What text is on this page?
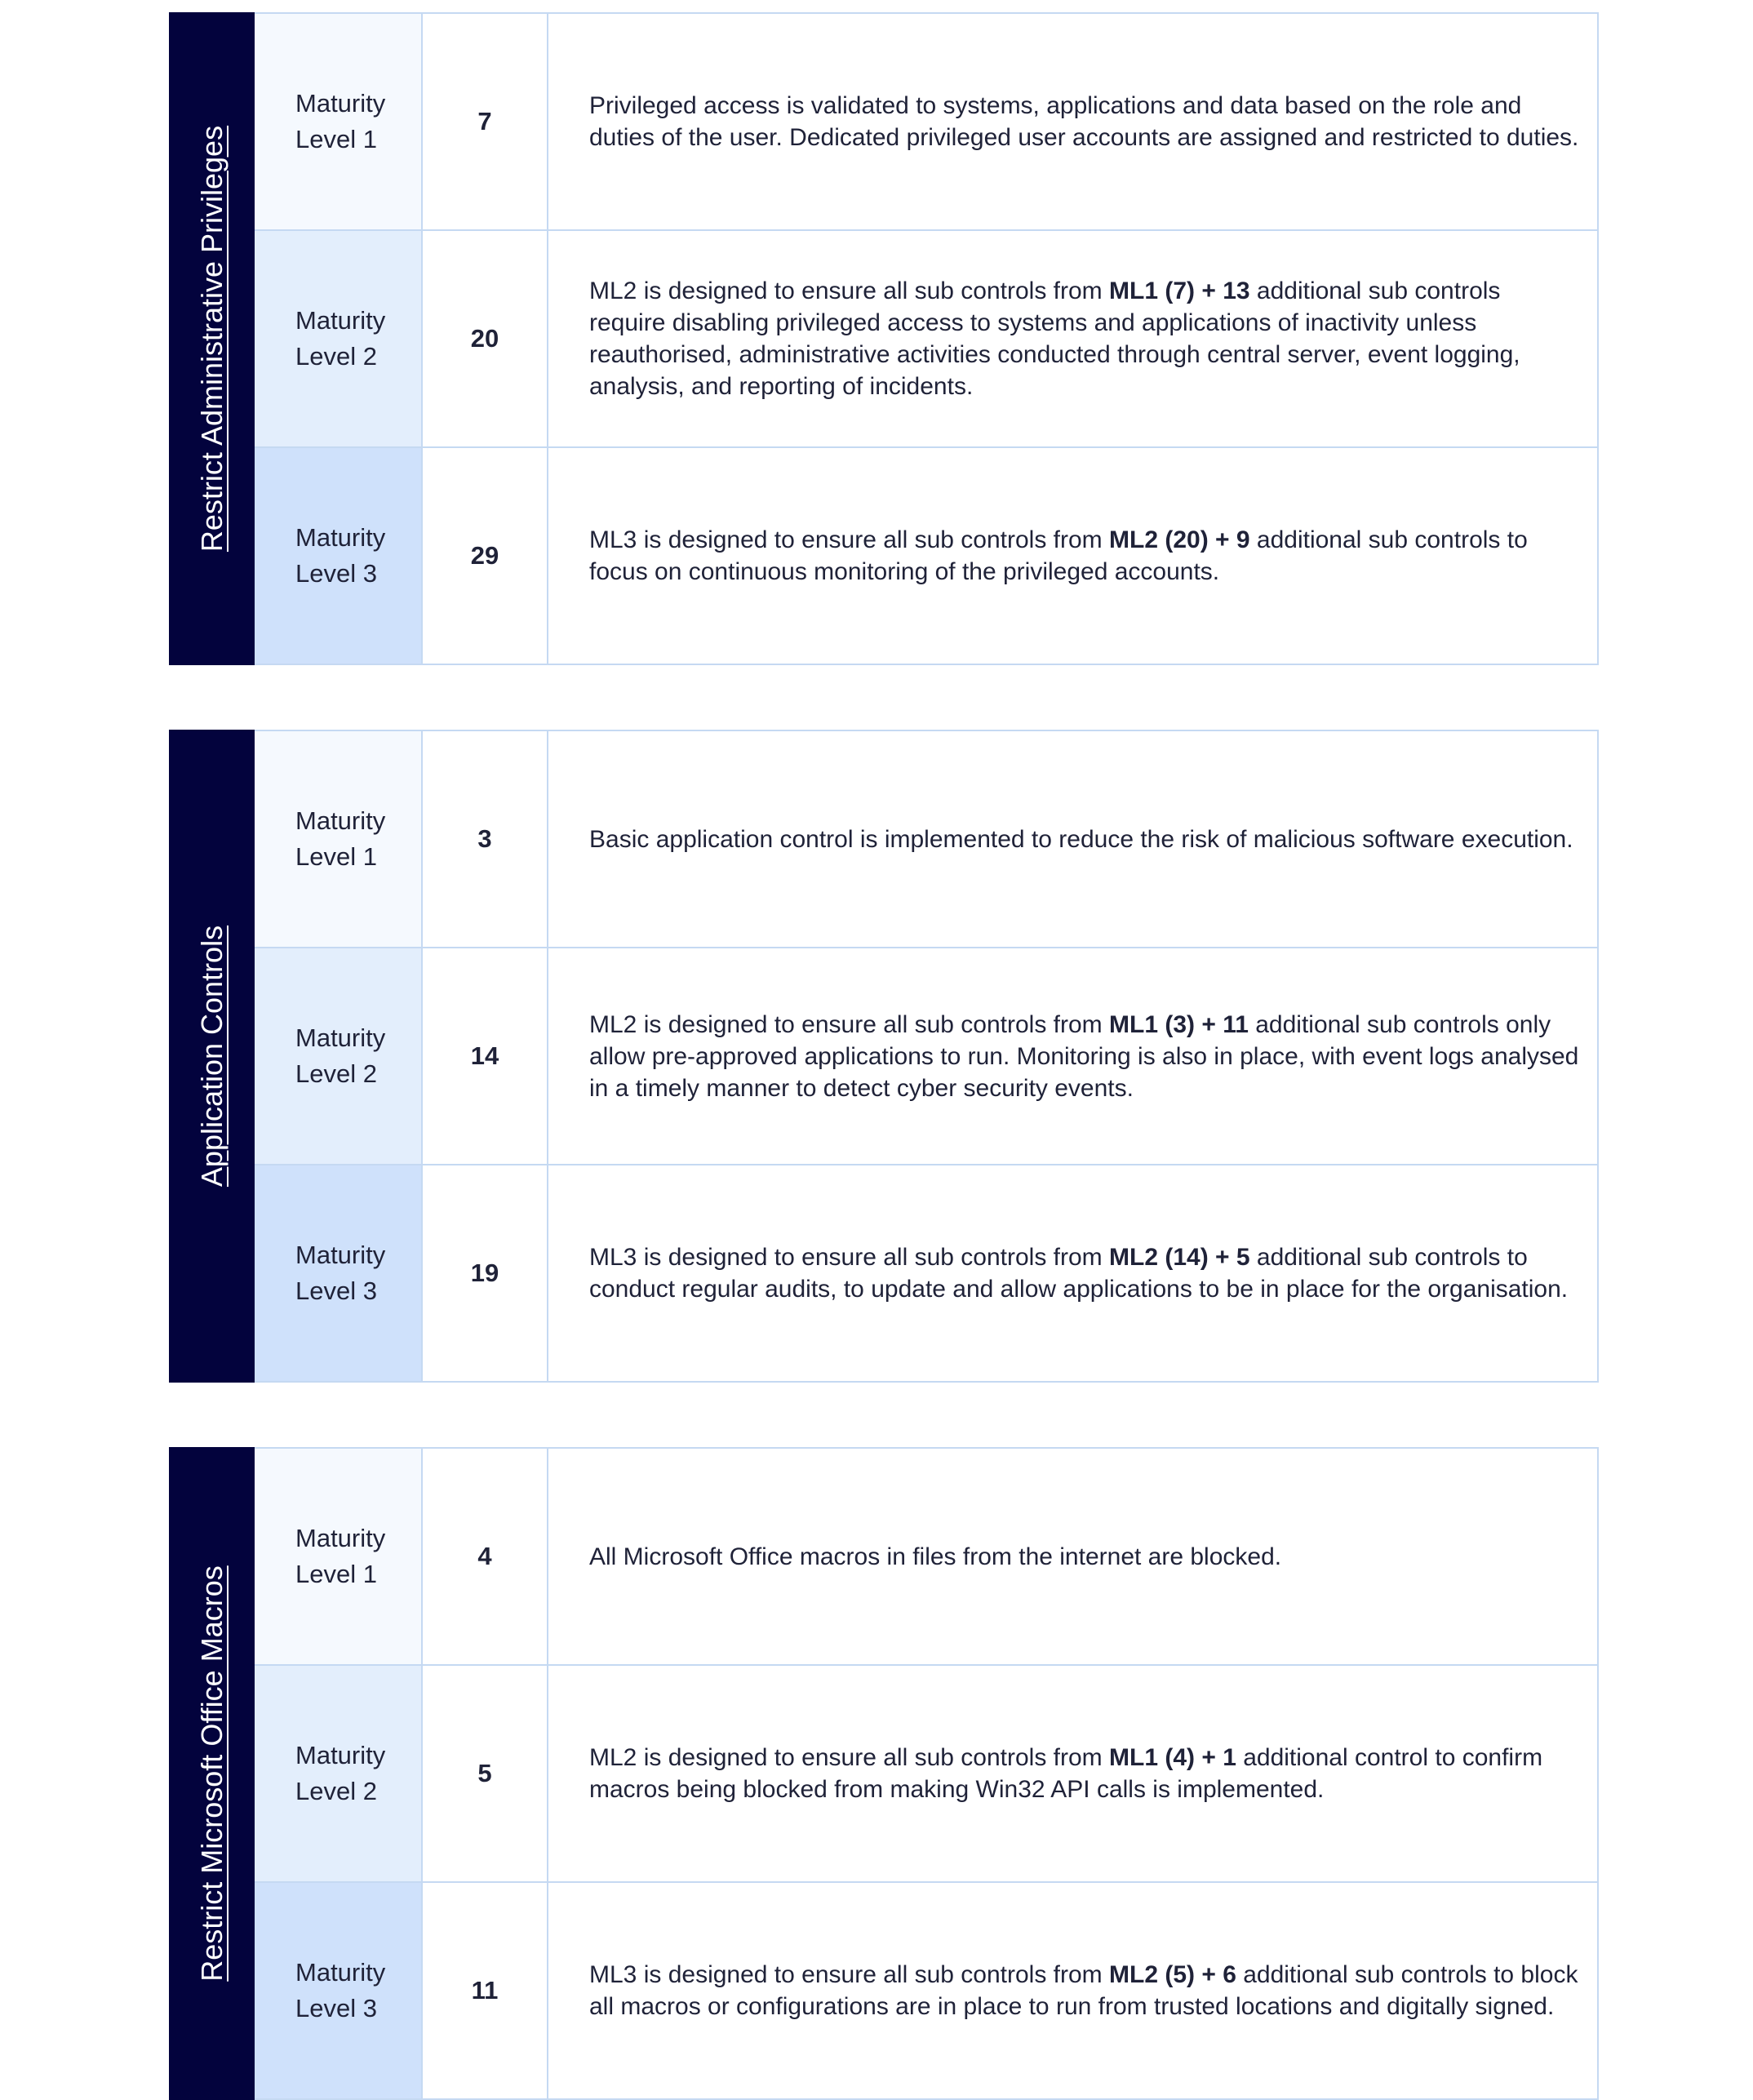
Restrict Administrative Privileges
Maturity Level 1
7
Privileged access is validated to systems, applications and data based on the role and duties of the user. Dedicated privileged user accounts are assigned and restricted to duties.
Maturity Level 2
20
ML2 is designed to ensure all sub controls from ML1 (7) + 13 additional sub controls require disabling privileged access to systems and applications of inactivity unless reauthorised, administrative activities conducted through central server, event logging, analysis, and reporting of incidents.
Maturity Level 3
29
ML3 is designed to ensure all sub controls from ML2 (20) + 9 additional sub controls to focus on continuous monitoring of the privileged accounts.
Application Controls
Maturity Level 1
3	Basic application control is implemented to reduce the risk of malicious software execution.
Maturity Level 2
14
ML2 is designed to ensure all sub controls from ML1 (3) + 11 additional sub controls only allow pre-approved applications to run. Monitoring is also in place, with event logs analysed in a timely manner to detect cyber security events.
Maturity Level 3
19
ML3 is designed to ensure all sub controls from ML2 (14) + 5 additional sub controls to conduct regular audits, to update and allow applications to be in place for the organisation.
Restrict Microsoft Office Macros
Maturity Level 1
4	All Microsoft Office macros in files from the internet are blocked.
Maturity Level 2
5
ML2 is designed to ensure all sub controls from ML1 (4) + 1 additional control to confirm macros being blocked from making Win32 API calls is implemented.
Maturity Level 3
11
ML3 is designed to ensure all sub controls from ML2 (5) + 6 additional sub controls to block all macros or configurations are in place to run from trusted locations and digitally signed.
